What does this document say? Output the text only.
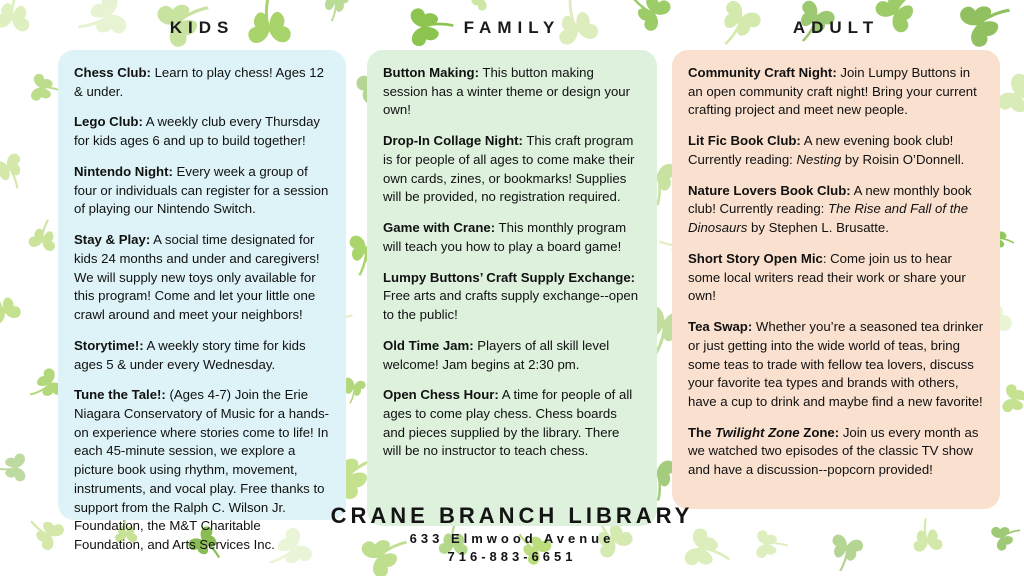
KIDS

Chess Club: Learn to play chess! Ages 12 & under.

Lego Club: A weekly club every Thursday for kids ages 6 and up to build together!

Nintendo Night: Every week a group of four or individuals can register for a session of playing our Nintendo Switch.

Stay & Play: A social time designated for kids 24 months and under and caregivers! We will supply new toys only available for this program! Come and let your little one crawl around and meet your neighbors!

Storytime!: A weekly story time for kids ages 5 & under every Wednesday.

Tune the Tale!: (Ages 4-7) Join the Erie Niagara Conservatory of Music for a hands-on experience where stories come to life! In each 45-minute session, we explore a picture book using rhythm, movement, instruments, and vocal play. Free thanks to support from the Ralph C. Wilson Jr. Foundation, the M&T Charitable Foundation, and Arts Services Inc.

FAMILY

Button Making: This button making session has a winter theme or design your own!

Drop-In Collage Night: This craft program is for people of all ages to come make their own cards, zines, or bookmarks! Supplies will be provided, no registration required.

Game with Crane: This monthly program will teach you how to play a board game!

Lumpy Buttons’ Craft Supply Exchange: Free arts and crafts supply exchange--open to the public!

Old Time Jam: Players of all skill level welcome! Jam begins at 2:30 pm.

Open Chess Hour: A time for people of all ages to come play chess. Chess boards and pieces supplied by the library. There will be no instructor to teach chess.

ADULT

Community Craft Night: Join Lumpy Buttons in an open community craft night! Bring your current crafting project and meet new people.

Lit Fic Book Club: A new evening book club! Currently reading: Nesting by Roisin O’Donnell.

Nature Lovers Book Club: A new monthly book club! Currently reading: The Rise and Fall of the Dinosaurs by Stephen L. Brusatte.

Short Story Open Mic: Come join us to hear some local writers read their work or share your own!

Tea Swap: Whether you’re a seasoned tea drinker or just getting into the wide world of teas, bring some teas to trade with fellow tea lovers, discuss your favorite tea types and brands with others, have a cup to drink and maybe find a new favorite!

The Twilight Zone Zone: Join us every month as we watched two episodes of the classic TV show and have a discussion--popcorn provided!

CRANE BRANCH LIBRARY
633 Elmwood Avenue
716-883-6651
